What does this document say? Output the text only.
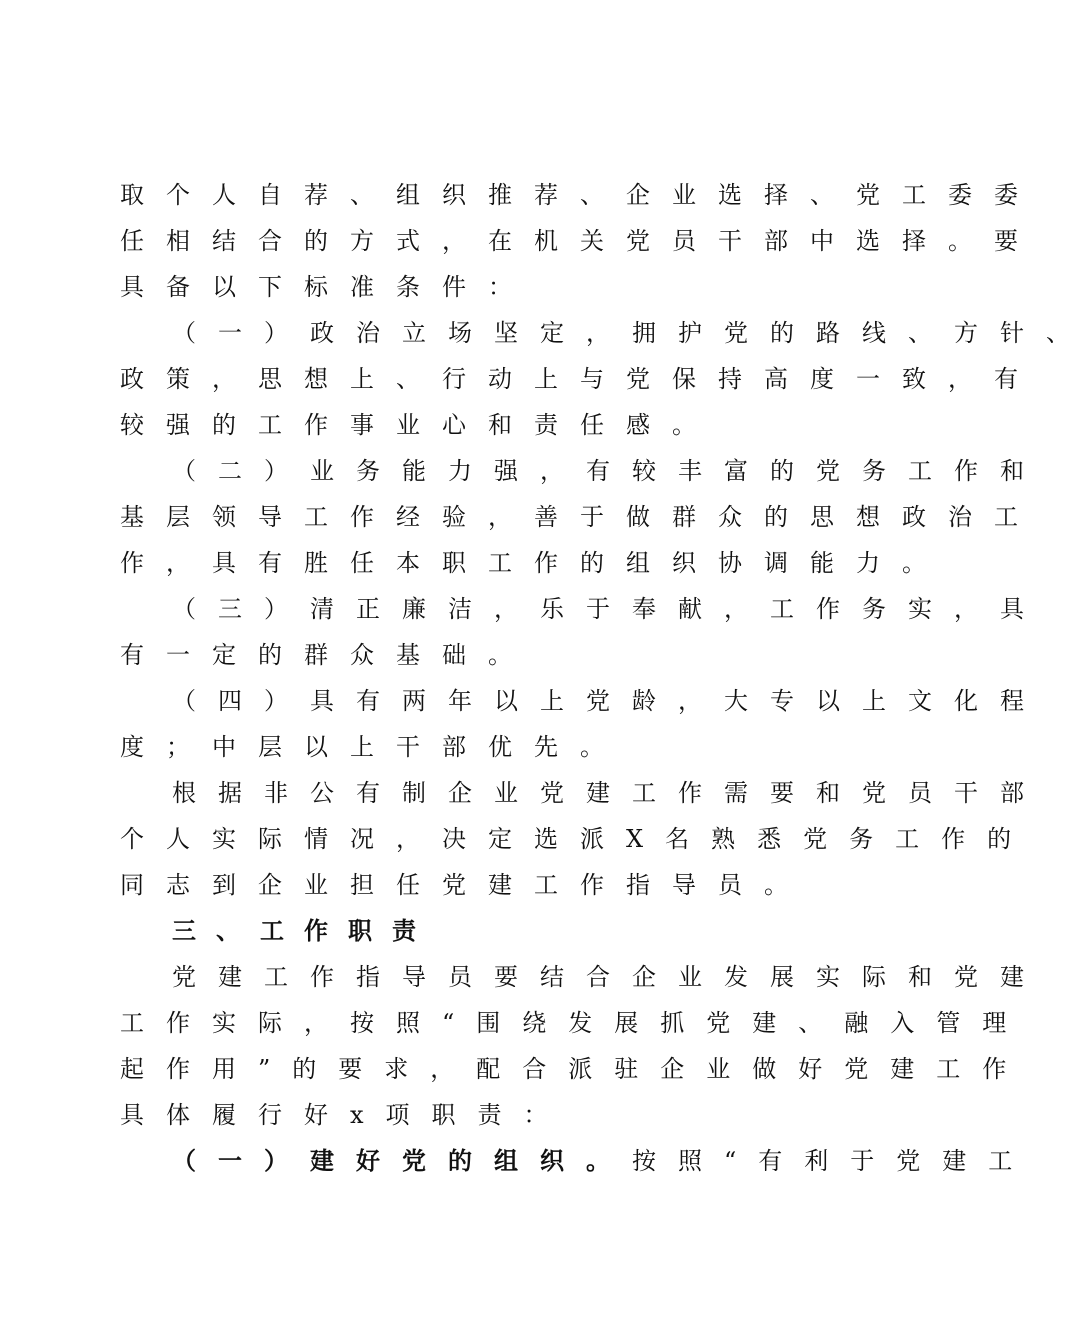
取个人自荐、组织推荐、企业选择、党工委委
任相结合的方式，在机关党员干部中选择。要
具备以下标准条件：
（一）政治立场坚定，拥护党的路线、方针、
政策，思想上、行动上与党保持高度一致，有
较强的工作事业心和责任感。
（二）业务能力强，有较丰富的党务工作和
基层领导工作经验，善于做群众的思想政治工
作，具有胜任本职工作的组织协调能力。
（三）清正廉洁，乐于奉献，工作务实，具
有一定的群众基础。
（四）具有两年以上党龄，大专以上文化程
度；中层以上干部优先。
根据非公有制企业党建工作需要和党员干部
个人实际情况，决定选派X名熟悉党务工作的
同志到企业担任党建工作指导员。
三、工作职责
党建工作指导员要结合企业发展实际和党建
工作实际，按照“围绕发展抓党建、融入管理
起作用”的要求，配合派驻企业做好党建工作
具体履行好x项职责：
（一）建好党的组织。按照“有利于党建工
